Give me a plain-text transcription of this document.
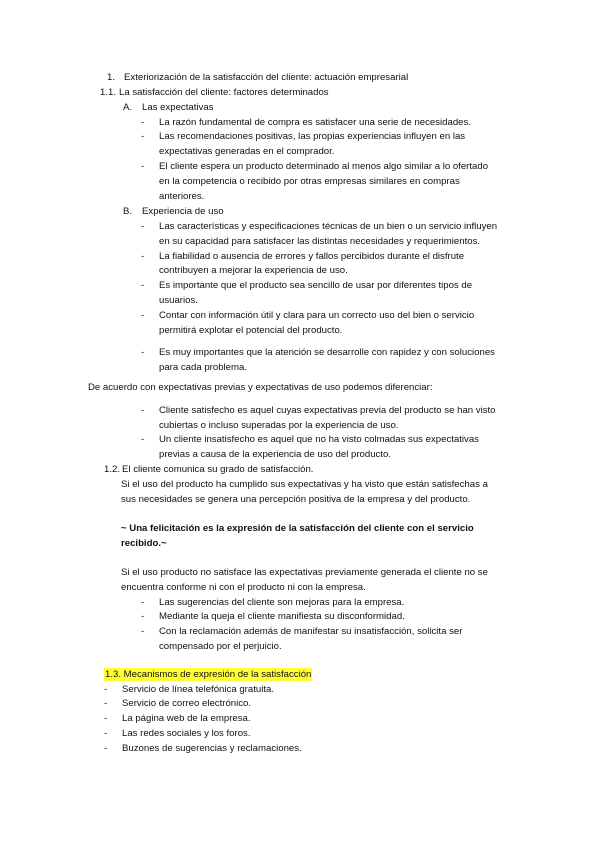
1. Exteriorización de la satisfacción del cliente: actuación empresarial
1.1. La satisfacción del cliente: factores determinados
A. Las expectativas
- La razón fundamental de compra es satisfacer una serie de necesidades.
- Las recomendaciones positivas, las propias experiencias influyen en las
expectativas generadas en el comprador.
- El cliente espera un producto determinado al menos algo similar a lo ofertado
en la competencia o recibido por otras empresas similares en compras
anteriores.
B. Experiencia de uso
- Las características y especificaciones técnicas de un bien o un servicio influyen
en su capacidad para satisfacer las distintas necesidades y requerimientos.
- La fiabilidad o ausencia de errores y fallos percibidos durante el disfrute
contribuyen a mejorar la experiencia de uso.
- Es importante que el producto sea sencillo de usar por diferentes tipos de
usuarios.
- Contar con información útil y clara para un correcto uso del bien o servicio
permitirá explotar el potencial del producto.
- Es muy importantes que la atención se desarrolle con rapidez y con soluciones
para cada problema.
De acuerdo con expectativas previas y expectativas de uso podemos diferenciar:
- Cliente satisfecho es aquel cuyas expectativas previa del producto se han visto
cubiertas o incluso superadas por la experiencia de uso.
- Un cliente insatisfecho es aquel que no ha visto colmadas sus expectativas
previas a causa de la experiencia de uso del producto.
1.2. El cliente comunica su grado de satisfacción.
Si el uso del producto ha cumplido sus expectativas y ha visto que están satisfechas a
sus necesidades se genera una percepción positiva de la empresa y del producto.
~ Una felicitación es la expresión de la satisfacción del cliente con el servicio
recibido.~
Si el uso producto no satisface las expectativas previamente generada el cliente no se
encuentra conforme ni con el producto ni con la empresa.
- Las sugerencias del cliente son mejoras para la empresa.
- Mediante la queja el cliente manifiesta su disconformidad.
- Con la reclamación además de manifestar su insatisfacción, solicita ser
compensado por el perjuicio.
1.3. Mecanismos de expresión de la satisfacción
- Servicio de línea telefónica gratuita.
- Servicio de correo electrónico.
- La página web de la empresa.
- Las redes sociales y los foros.
- Buzones de sugerencias y reclamaciones.
